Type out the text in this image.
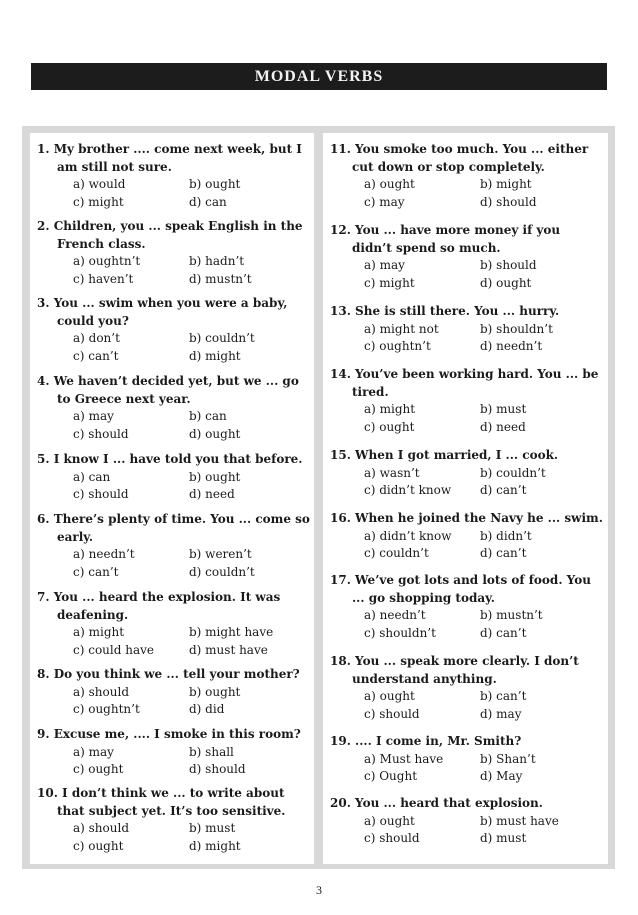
MODAL VERBS
1. My brother .... come next week, but I am still not sure.
a) would	b) ought
c) might	d) can
2. Children, you ... speak English in the French class.
a) oughtn’t	b) hadn’t
c) haven’t	d) mustn’t
3. You ... swim when you were a baby, could you?
a) don’t	b) couldn’t
c) can’t	d) might
4. We haven’t decided yet, but we ... go to Greece next year.
a) may	b) can
c) should	d) ought
5. I know I ... have told you that before.
a) can	b) ought
c) should	d) need
6. There’s plenty of time. You ... come so early.
a) needn’t	b) weren’t
c) can’t	d) couldn’t
7. You ... heard the explosion. It was deafening.
a) might	b) might have
c) could have	d) must have
8. Do you think we ... tell your mother?
a) should	b) ought
c) oughtn’t	d) did
9. Excuse me, .... I smoke in this room?
a) may	b) shall
c) ought	d) should
10. I don’t think we ... to write about that subject yet. It’s too sensitive.
a) should	b) must
c) ought	d) might
11. You smoke too much. You ... either cut down or stop completely.
a) ought	b) might
c) may	d) should
12. You ... have more money if you didn’t spend so much.
a) may	b) should
c) might	d) ought
13. She is still there. You ... hurry.
a) might not	b) shouldn’t
c) oughtn’t	d) needn’t
14. You’ve been working hard. You ... be tired.
a) might	b) must
c) ought	d) need
15. When I got married, I ... cook.
a) wasn’t	b) couldn’t
c) didn’t know	d) can’t
16. When he joined the Navy he ... swim.
a) didn’t know	b) didn’t
c) couldn’t	d) can’t
17. We’ve got lots and lots of food. You ... go shopping today.
a) needn’t	b) mustn’t
c) shouldn’t	d) can’t
18. You ... speak more clearly. I don’t understand anything.
a) ought	b) can’t
c) should	d) may
19. .... I come in, Mr. Smith?
a) Must have	b) Shan’t
c) Ought	d) May
20. You ... heard that explosion.
a) ought	b) must have
c) should	d) must
3
